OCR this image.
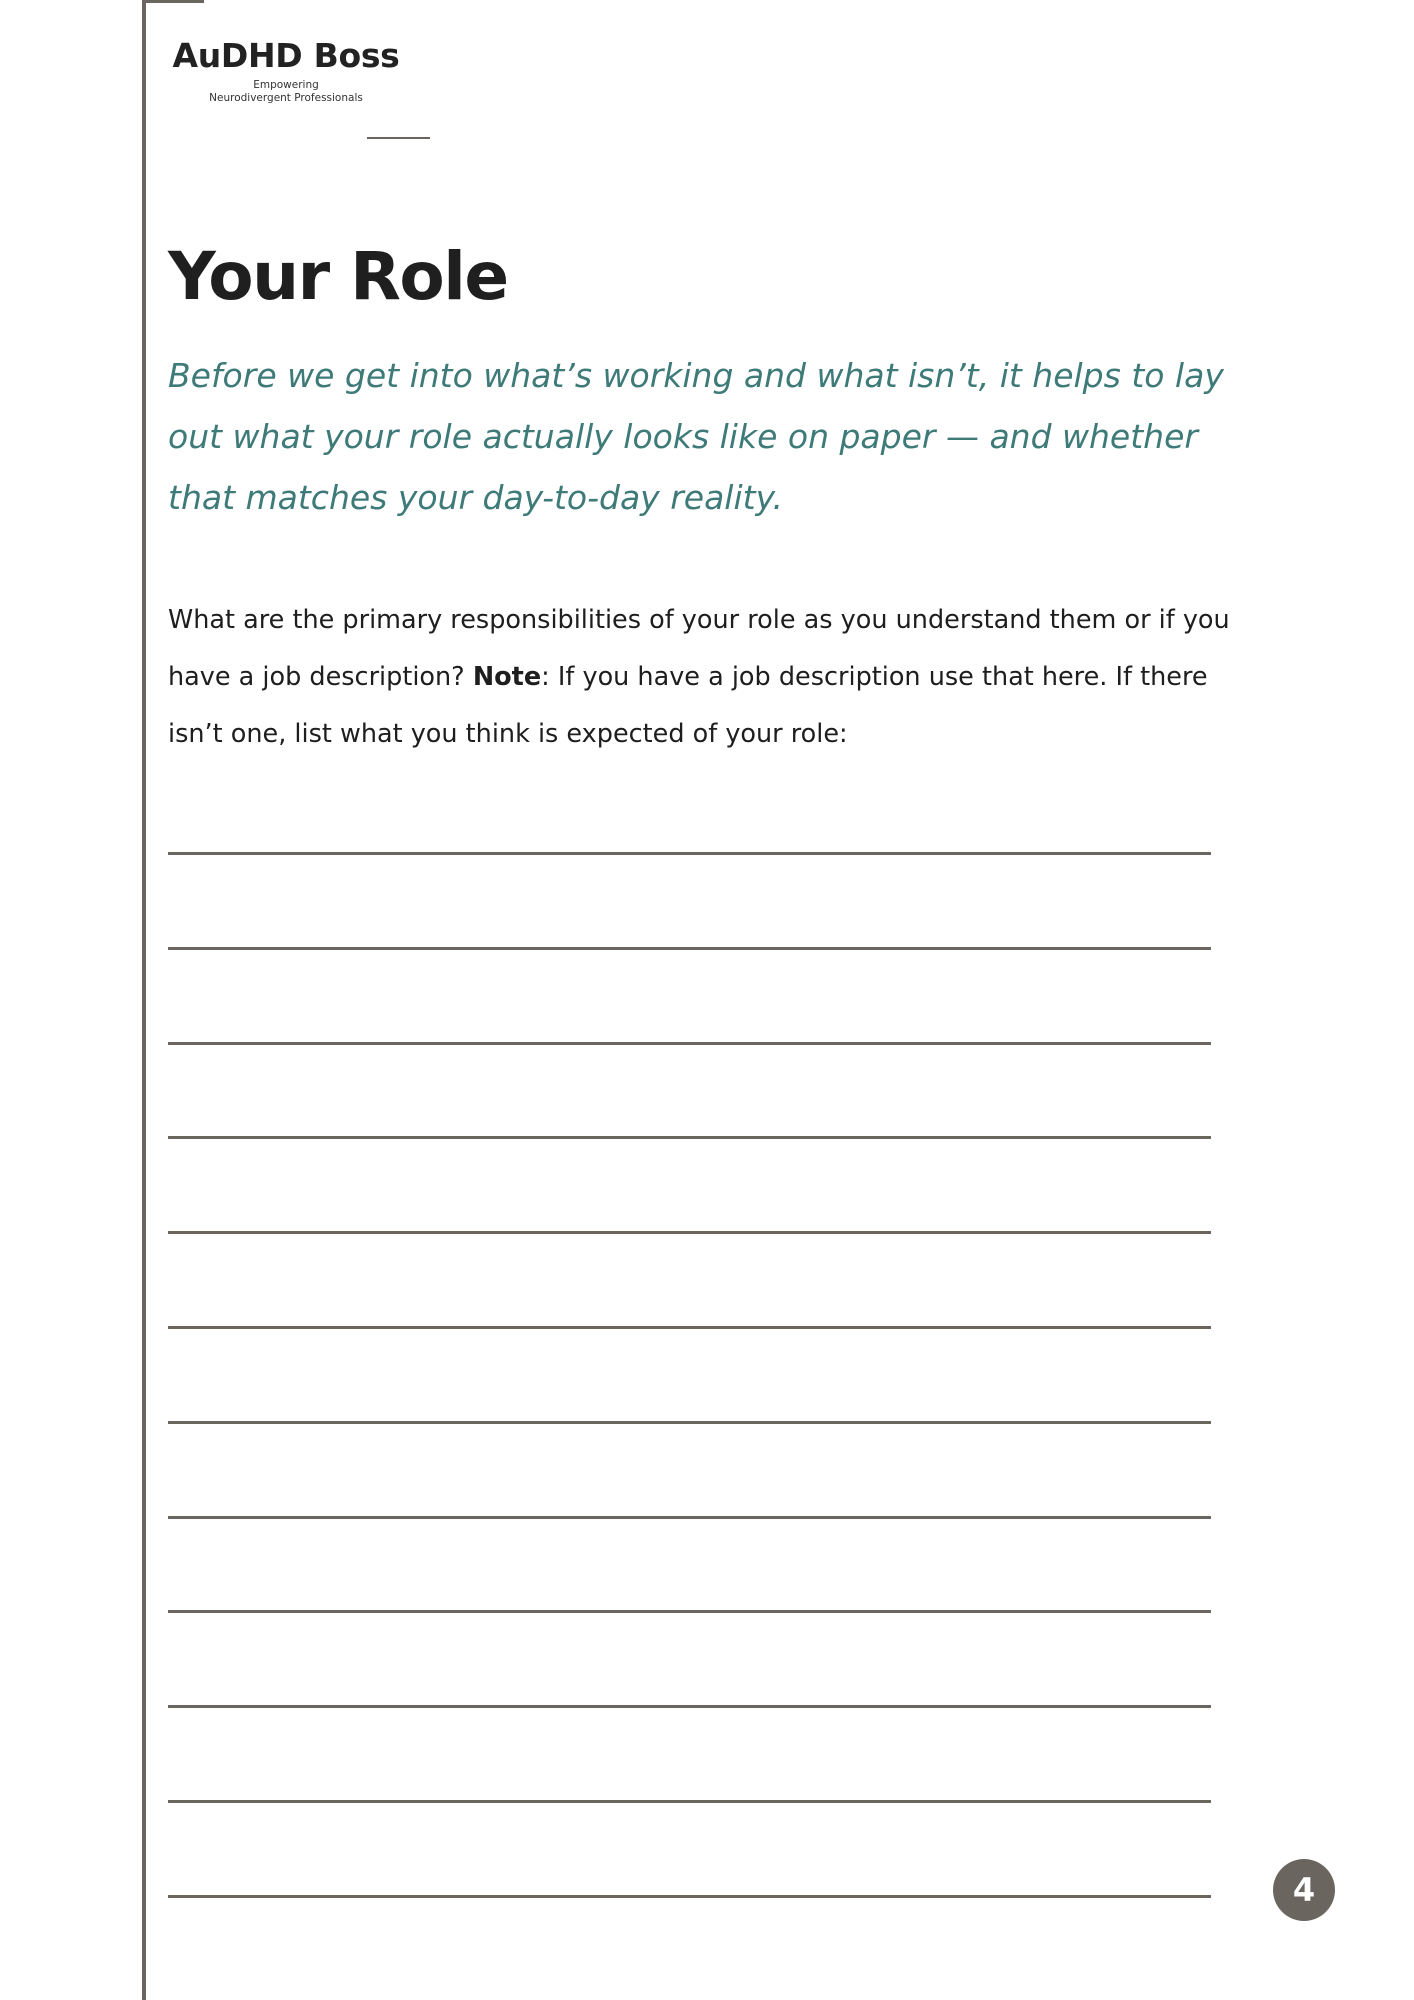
AuDHD Boss
Empowering
Neurodivergent Professionals
Your Role

Before we get into what’s working and what isn’t, it helps to lay out what your role actually looks like on paper — and whether that matches your day-to-day reality.

What are the primary responsibilities of your role as you understand them or if you have a job description? Note: If you have a job description use that here. If there isn’t one, list what you think is expected of your role:

4
